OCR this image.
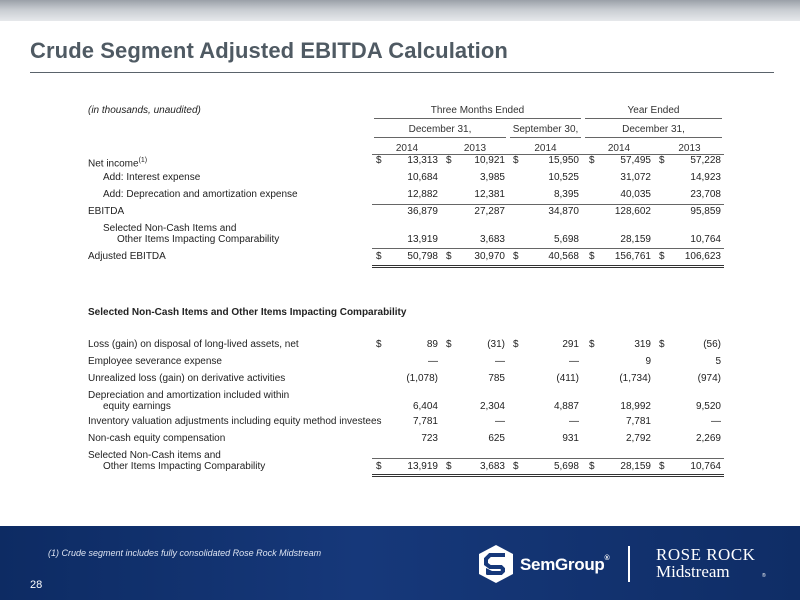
Crude Segment Adjusted EBITDA Calculation
(in thousands, unaudited)	Three Months Ended	Year Ended
December 31,	September 30,	December 31,
2014	2013	2014	2014	2013
Net income$^{(1)}$	$	13,313 $	10,921 $	15,950 $	57,495 $	57,228
Add: Interest expense	10,684	3,985	10,525	31,072	14,923
Add: Deprecation and amortization expense	12,882	12,381	8,395	40,035	23,708
EBITDA	36,879	27,287	34,870	128,602	95,859
Selected Non-Cash Items and
Other Items Impacting Comparability	13,919	3,683	5,698	28,159	10,764
Adjusted EBITDA	$	50,798 $	30,970 $	40,568 $	156,761 $	106,623
Selected Non-Cash Items and Other Items Impacting Comparability
Loss (gain) on disposal of long-lived assets, net	$	89 $	(31) $	291 $	319 $	(56)
Employee severance expense	—	—	—	9	5
Unrealized loss (gain) on derivative activities	(1,078)	785	(411)	(1,734)	(974)
Depreciation and amortization included within
equity earnings	6,404	2,304	4,887	18,992	9,520
Inventory valuation adjustments including equity method investees	7,781	—	—	7,781	—
Non-cash equity compensation	723	625	931	2,792	2,269
Selected Non-Cash items and
Other Items Impacting Comparability	$	13,919 $	3,683 $	5,698 $	28,159 $	10,764
(1) Crude segment includes fully consolidated Rose Rock Midstream
28
SemGroup®	ROSE ROCK
Midstream	®
